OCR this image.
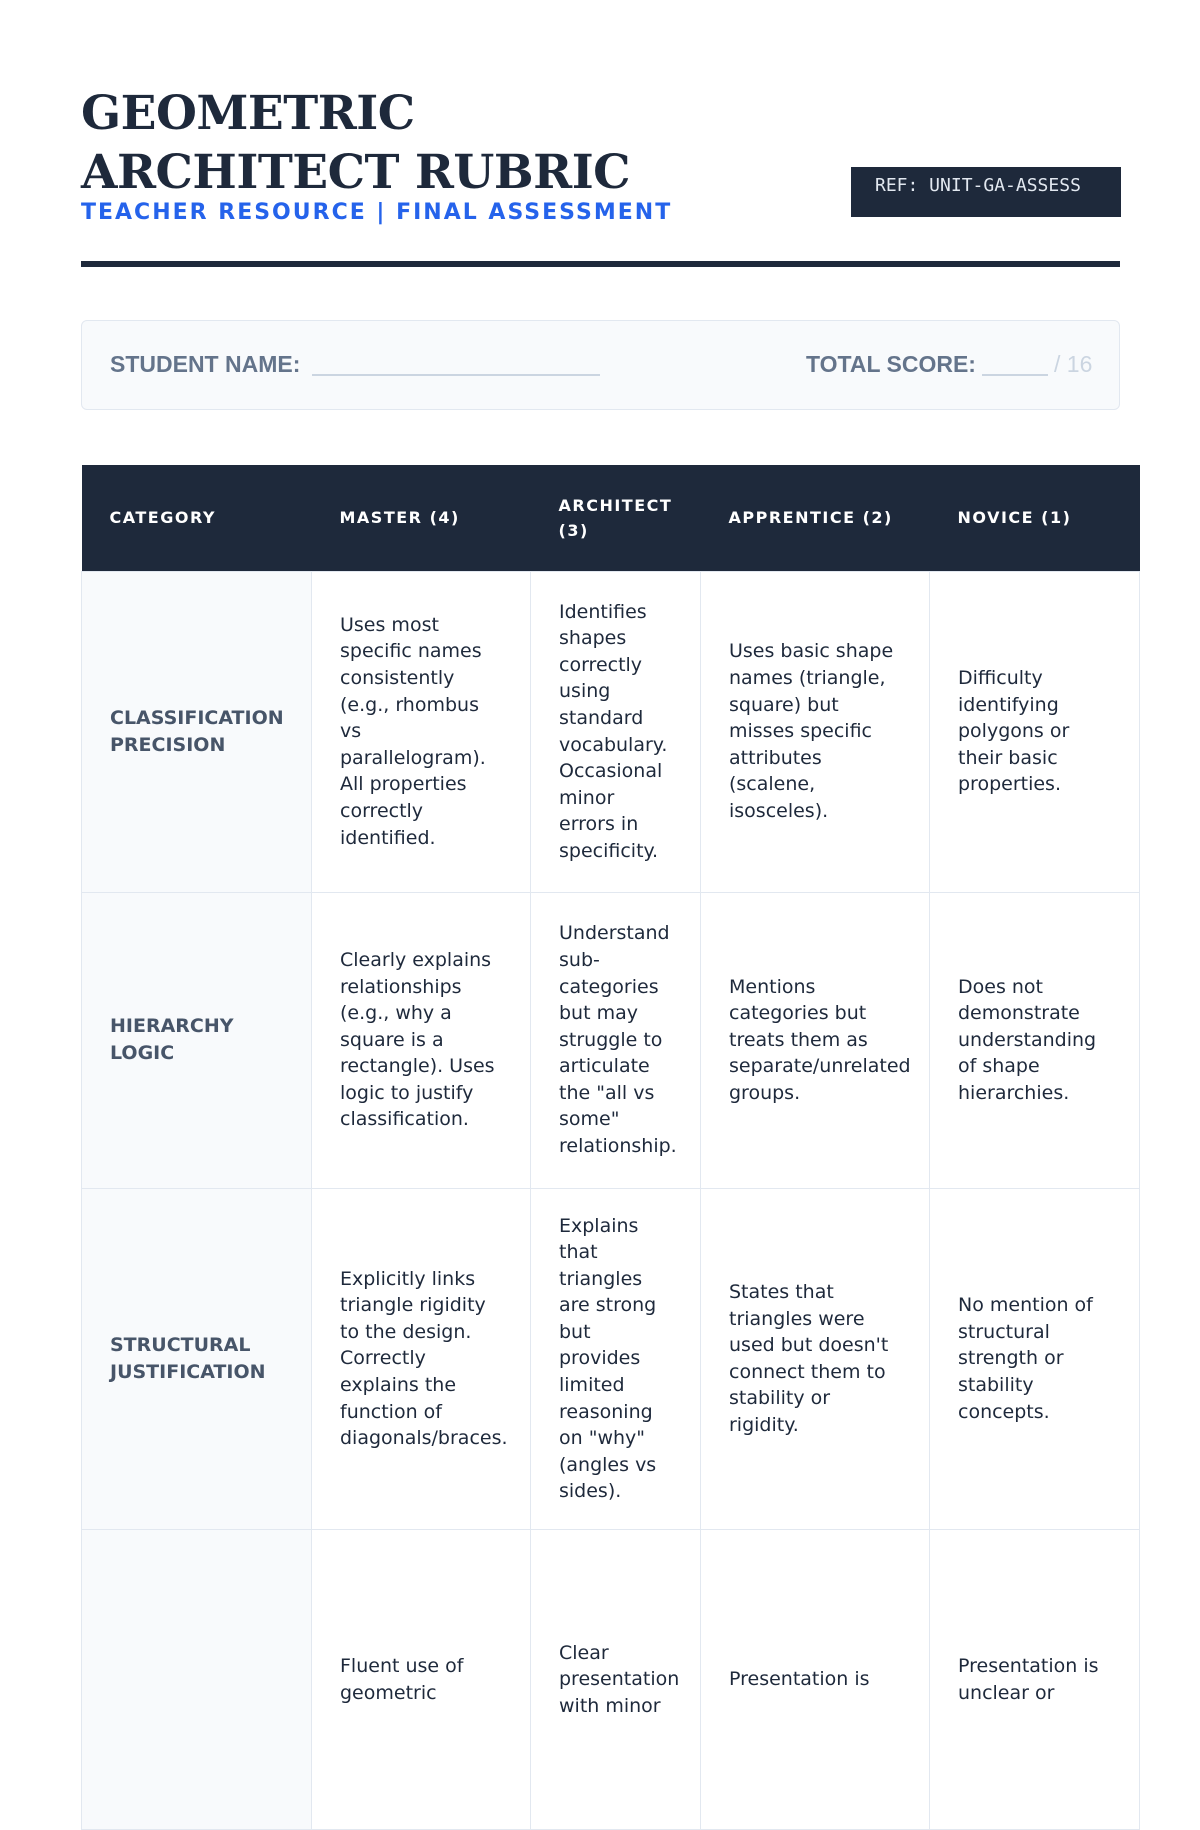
GEOMETRIC ARCHITECT RUBRIC
TEACHER RESOURCE | FINAL ASSESSMENT
REF: UNIT-GA-ASSESS
STUDENT NAME:	TOTAL SCORE:	/ 16
CATEGORY	MASTER (4)	ARCHITECT (3)	APPRENTICE (2)	NOVICE (1)
CLASSIFICATION PRECISION	Uses most specific names consistently (e.g., rhombus vs parallelogram). All properties correctly identified.	Identifies shapes correctly using standard vocabulary. Occasional minor errors in specificity.	Uses basic shape names (triangle, square) but misses specific attributes (scalene, isosceles).	Difficulty identifying polygons or their basic properties.
HIERARCHY LOGIC	Clearly explains relationships (e.g., why a square is a rectangle). Uses logic to justify classification.	Understand sub-categories but may struggle to articulate the "all vs some" relationship.	Mentions categories but treats them as separate/unrelated groups.	Does not demonstrate understanding of shape hierarchies.
STRUCTURAL JUSTIFICATION	Explicitly links triangle rigidity to the design. Correctly explains the function of diagonals/braces.	Explains that triangles are strong but provides limited reasoning on "why" (angles vs sides).	States that triangles were used but doesn't connect them to stability or rigidity.	No mention of structural strength or stability concepts.
	Fluent use of geometric	Clear presentation with minor	Presentation is	Presentation is unclear or
